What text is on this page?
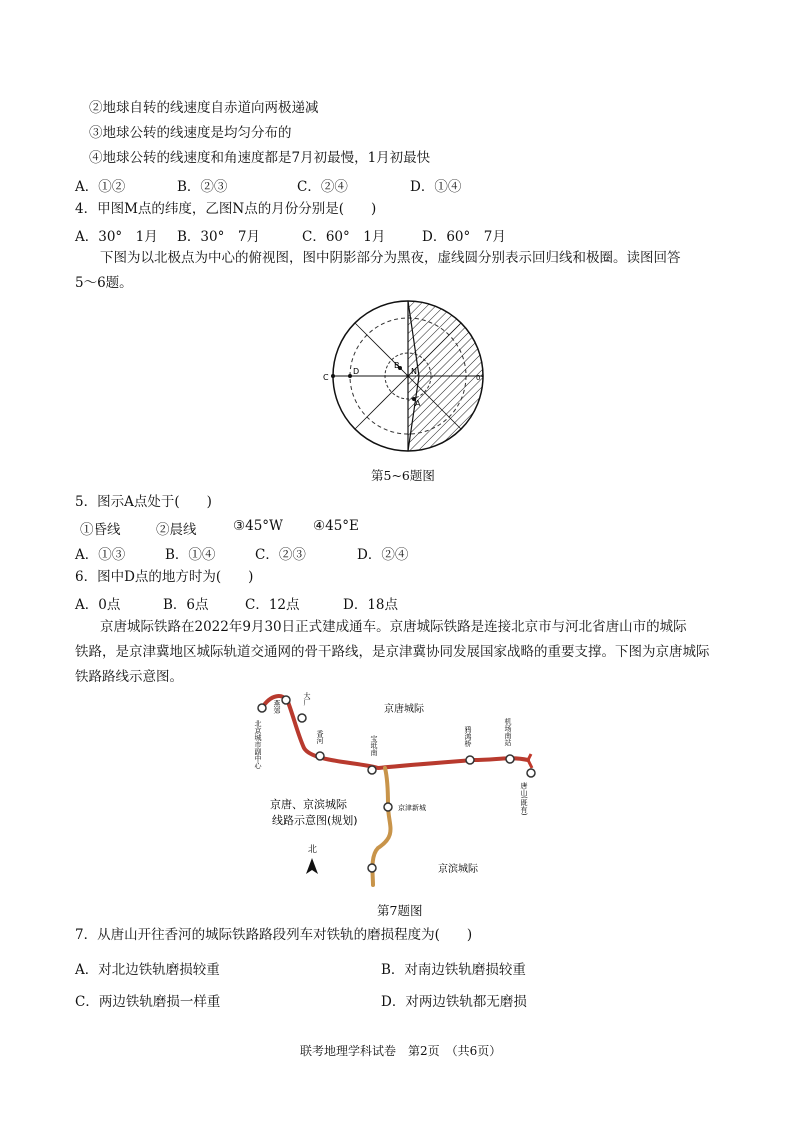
②地球自转的线速度自赤道向两极递减
③地球公转的线速度是均匀分布的
④地球公转的线速度和角速度都是7月初最慢，1月初最快
A．①②	B．②③	C．②④	D．①④
4．甲图M点的纬度，乙图N点的月份分别是(　　)
A．30°　1月 B．30°　7月	C．60°　1月	D．60°　7月
下图为以北极点为中心的俯视图，图中阴影部分为黑夜，虚线圆分别表示回归线和极圈。读图回答
5～6题。
C
D
B
N
A
0°
第5~6题图
5．图示A点处于(　　)
①昏线	②晨线	③45°W ④45°E
A．①③	B．①④	C．②③	D．②④
6．图中D点的地方时为(　　)
A．0点	B．6点	C．12点	D．18点
京唐城际铁路在2022年9月30日正式建成通车。京唐城际铁路是连接北京市与河北省唐山市的城际
铁路，是京津冀地区城际轨道交通网的骨干路线，是京津冀协同发展国家战略的重要支撑。下图为京唐城际
铁路路线示意图。
北京城市副中心
燕郊
大厂
香河	宝坻南	鸦鸿桥	机场南站
唐山(既有)
京津新城
京唐城际
京滨城际
京唐、京滨城际
线路示意图(规划)
北
第7题图
7．从唐山开往香河的城际铁路路段列车对铁轨的磨损程度为(　　)
A．对北边铁轨磨损较重	B．对南边铁轨磨损较重
C．两边铁轨磨损一样重	D．对两边铁轨都无磨损
联考地理学科试卷　第2页　（共6页）
